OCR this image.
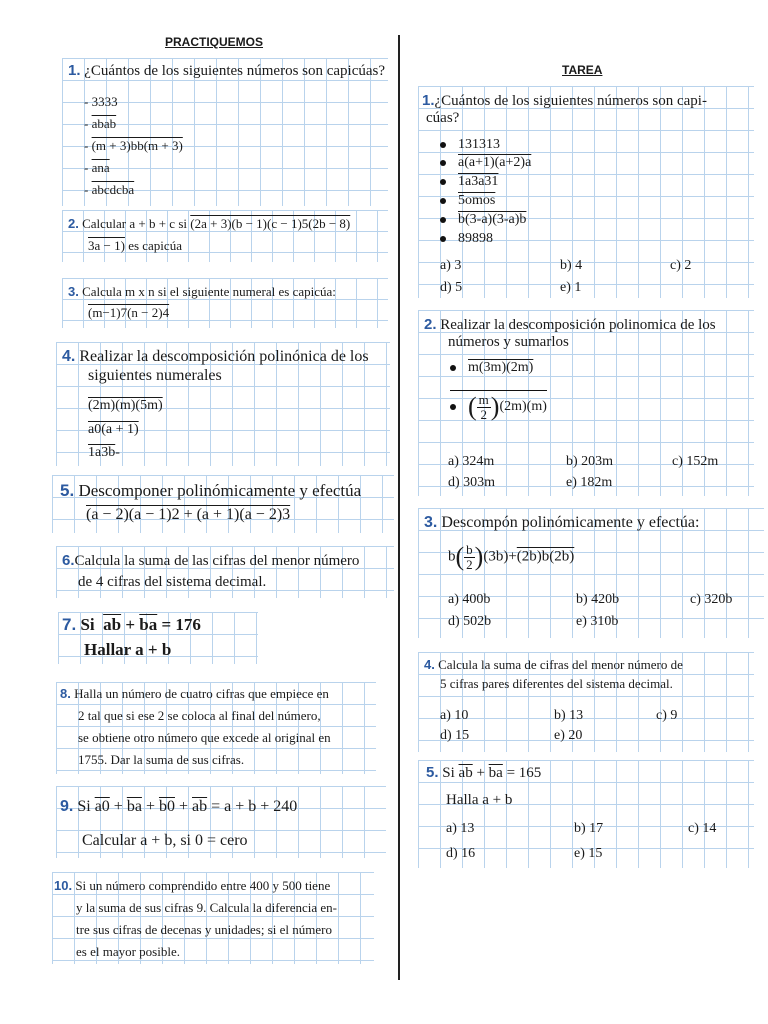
PRACTIQUEMOS
1. ¿Cuántos de los siguientes números son capicúas?
- 3333
- abab
- (m + 3)bb(m + 3)
- $\overline{ana}$
- abcdcba
2. Calcular a + b + c si (2a + 3)(b − 1)(c − 1)5(2b − 8)
3a − 1) es capicúa
3. Calcula m x n si el siguiente numeral es capicúa:
(m−1)7(n − 2)4
4. Realizar la descomposición polinónica de los
siguientes numerales
(2m)(m)(5m)
a0(a + 1)
1a3b-
5. Descomponer polinómicamente y efectúa
(a − 2)(a − 1)2 + (a + 1)(a − 2)3
6.Calcula la suma de las cifras del menor número
de 4 cifras del sistema decimal.
7. Si $\overline{ab} + \overline{ba} = 176$
Hallar a + b
8. Halla un número de cuatro cifras que empiece en
2 tal que si ese 2 se coloca al final del número,
se obtiene otro número que excede al original en
1755. Dar la suma de sus cifras.
9. Si $a0 + \overline{ba} + b0 + \overline{ab} = a + b + 240$
Calcular a + b, si 0 = cero
10. Si un número comprendido entre 400 y 500 tiene
y la suma de sus cifras 9. Calcula la diferencia en-
tre sus cifras de decenas y unidades; si el número
es el mayor posible.
TAREA
1.¿Cuántos de los siguientes números son capi-
cúas?
131313
a(a+1)(a+2)a
1a3a31
5omos
b(3-a)(3-a)b
89898
a) 3	b) 4	c) 2
d) 5	e) 1
2. Realizar la descomposición polinomica de los
números y sumarlos
m(3m)(2m)
( $\frac{m}{2} )(2m)(m)$
a) 324m	b) 203m	c) 152m
d) 303m	e) 182m
3. Descompón polinómicamente y efectúa:
$b( \frac{b}{2} )(3b)+(2b)b(2b)$
a) 400b	b) 420b	c) 320b
d) 502b	e) 310b
4. Calcula la suma de cifras del menor número de
5 cifras pares diferentes del sistema decimal.
a) 10	b) 13	c) 9
d) 15	e) 20
5. Si $\overline{ab} + \overline{ba} = 165$
Halla a + b
a) 13	b) 17	c) 14
d) 16	e) 15
